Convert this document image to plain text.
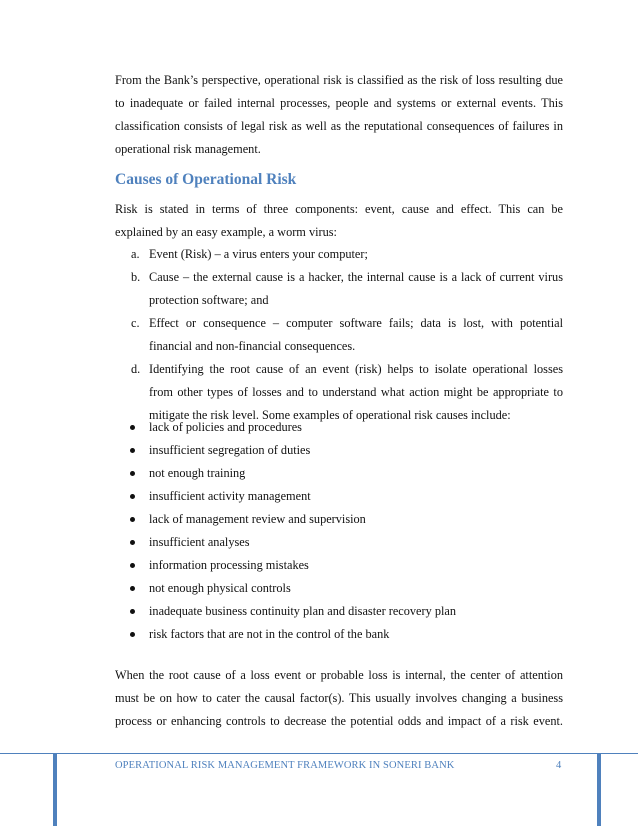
From the Bank’s perspective, operational risk is classified as the risk of loss resulting due
to inadequate or failed internal processes, people and systems or external events. This
classification consists of legal risk as well as the reputational consequences of failures in
operational risk management.
Causes of Operational Risk
Risk is stated in terms of three components: event, cause and effect. This can be
explained by an easy example, a worm virus:
a. Event (Risk) – a virus enters your computer;
b. Cause – the external cause is a hacker, the internal cause is a lack of current virus
protection software; and
c. Effect or consequence – computer software fails; data is lost, with potential
financial and non-financial consequences.
d. Identifying the root cause of an event (risk) helps to isolate operational losses
from other types of losses and to understand what action might be appropriate to
mitigate the risk level. Some examples of operational risk causes include:
lack of policies and procedures
insufficient segregation of duties
not enough training
insufficient activity management
lack of management review and supervision
insufficient analyses
information processing mistakes
not enough physical controls
inadequate business continuity plan and disaster recovery plan
risk factors that are not in the control of the bank
When the root cause of a loss event or probable loss is internal, the center of attention
must be on how to cater the causal factor(s). This usually involves changing a business
process or enhancing controls to decrease the potential odds and impact of a risk event.
OPERATIONAL RISK MANAGEMENT FRAMEWORK IN SONERI BANK	4
